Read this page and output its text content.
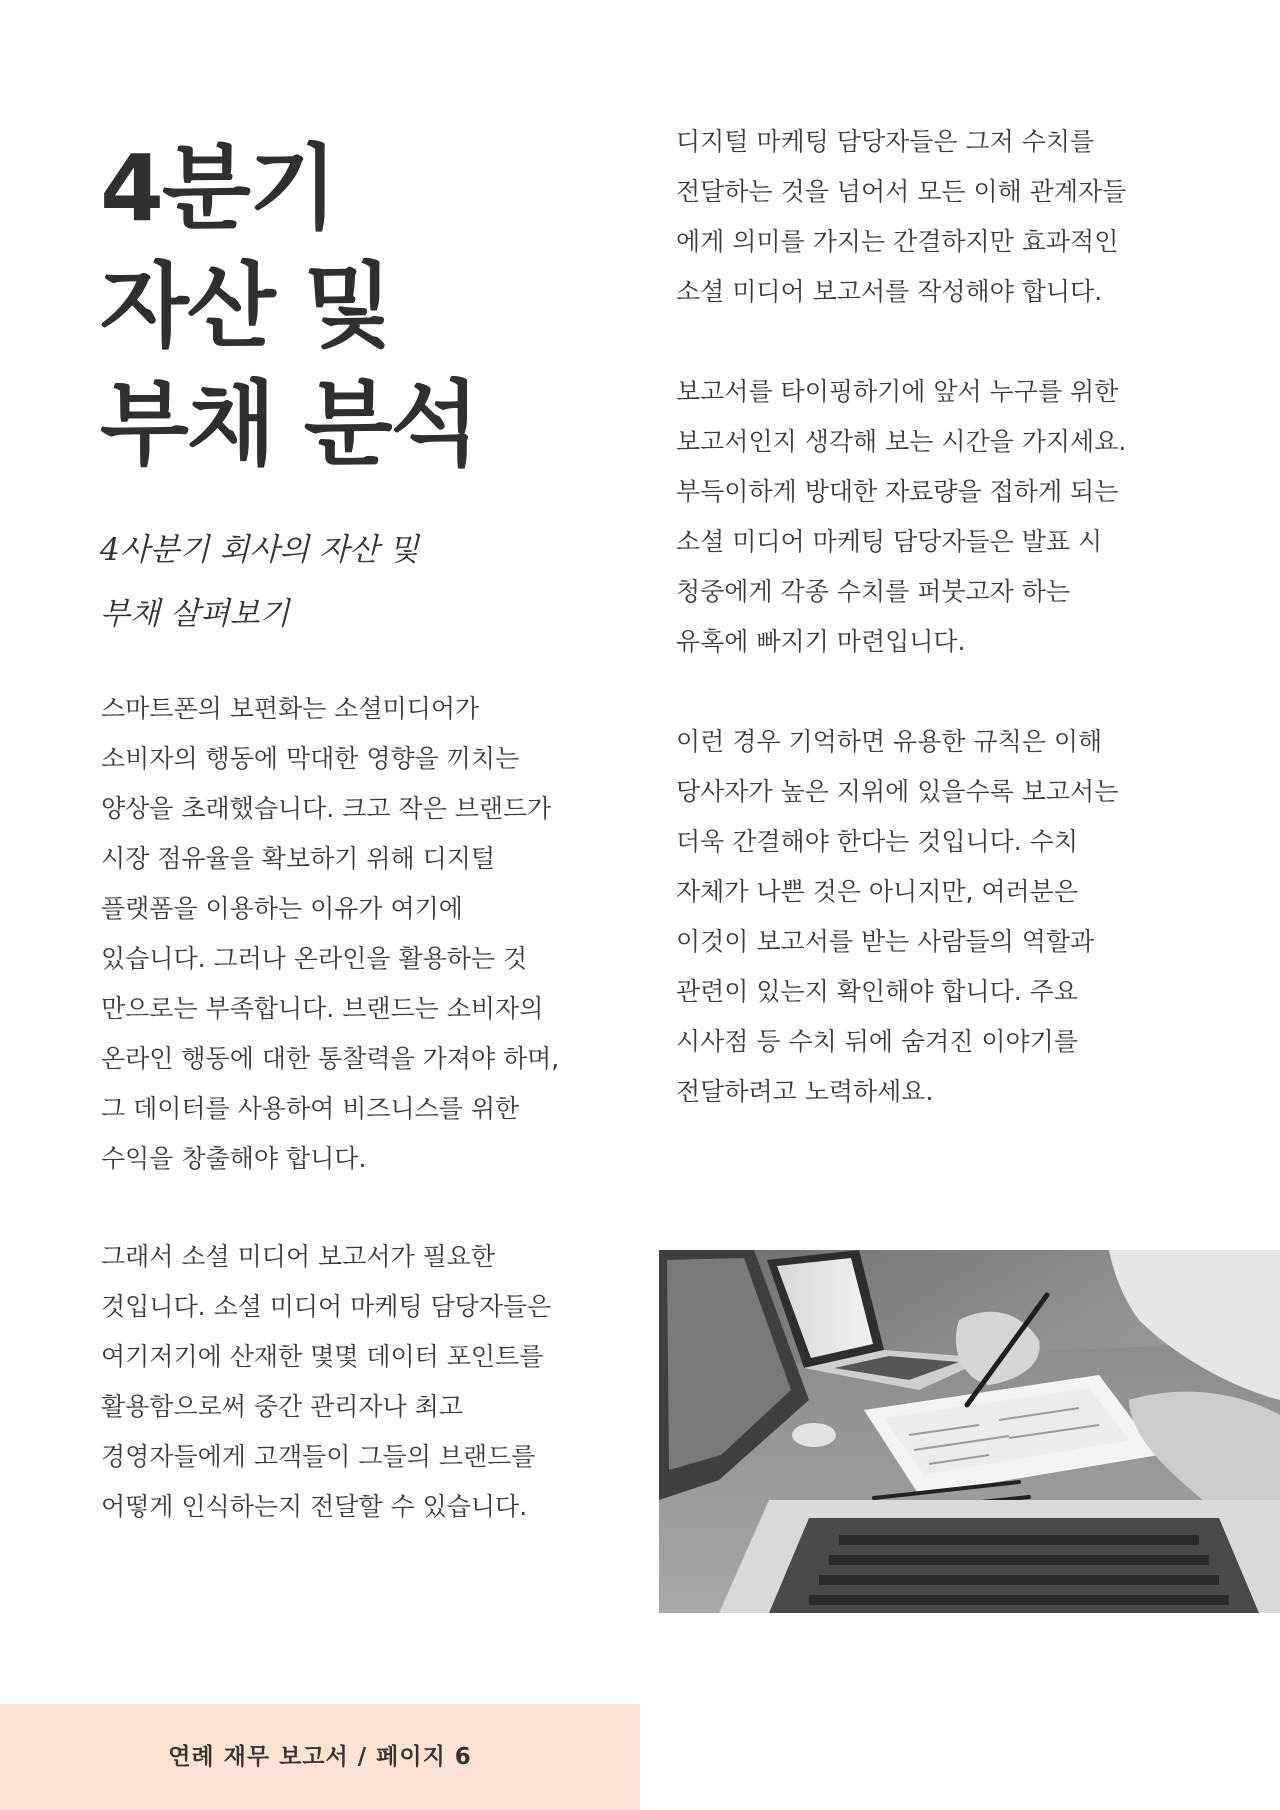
4분기
자산 및
부채 분석
4사분기 회사의 자산 및
부채 살펴보기

스마트폰의 보편화는 소셜미디어가
소비자의 행동에 막대한 영향을 끼치는
양상을 초래했습니다. 크고 작은 브랜드가
시장 점유율을 확보하기 위해 디지털
플랫폼을 이용하는 이유가 여기에
있습니다. 그러나 온라인을 활용하는 것
만으로는 부족합니다. 브랜드는 소비자의
온라인 행동에 대한 통찰력을 가져야 하며,
그 데이터를 사용하여 비즈니스를 위한
수익을 창출해야 합니다.

그래서 소셜 미디어 보고서가 필요한
것입니다. 소셜 미디어 마케팅 담당자들은
여기저기에 산재한 몇몇 데이터 포인트를
활용함으로써 중간 관리자나 최고
경영자들에게 고객들이 그들의 브랜드를
어떻게 인식하는지 전달할 수 있습니다.

디지털 마케팅 담당자들은 그저 수치를
전달하는 것을 넘어서 모든 이해 관계자들
에게 의미를 가지는 간결하지만 효과적인
소셜 미디어 보고서를 작성해야 합니다.

보고서를 타이핑하기에 앞서 누구를 위한
보고서인지 생각해 보는 시간을 가지세요.
부득이하게 방대한 자료량을 접하게 되는
소셜 미디어 마케팅 담당자들은 발표 시
청중에게 각종 수치를 퍼붓고자 하는
유혹에 빠지기 마련입니다.

이런 경우 기억하면 유용한 규칙은 이해
당사자가 높은 지위에 있을수록 보고서는
더욱 간결해야 한다는 것입니다. 수치
자체가 나쁜 것은 아니지만, 여러분은
이것이 보고서를 받는 사람들의 역할과
관련이 있는지 확인해야 합니다. 주요
시사점 등 수치 뒤에 숨겨진 이야기를
전달하려고 노력하세요.

연례 재무 보고서 / 페이지 6
